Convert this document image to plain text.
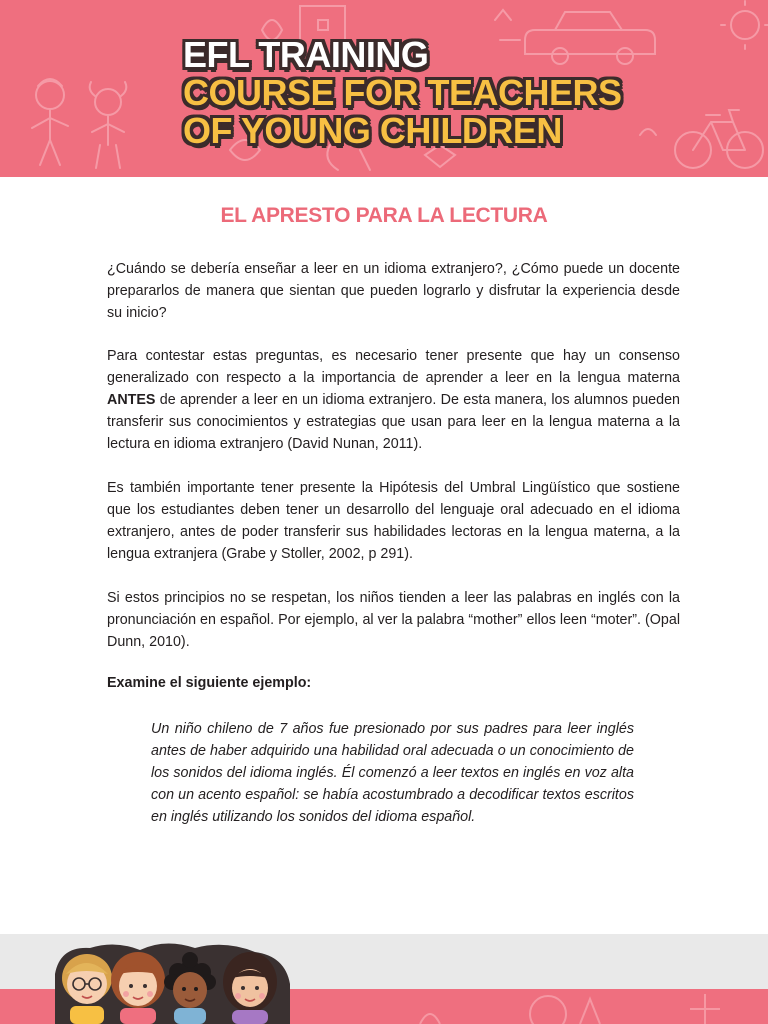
EFL TRAINING
COURSE FOR TEACHERS
OF YOUNG CHILDREN
EL APRESTO PARA LA LECTURA

¿Cuándo se debería enseñar a leer en un idioma extranjero?, ¿Cómo puede un docente prepararlos de manera que sientan que pueden lograrlo y disfrutar la experiencia desde su inicio?

Para contestar estas preguntas, es necesario tener presente que hay un consenso generalizado con respecto a la importancia de aprender a leer en la lengua materna ANTES de aprender a leer en un idioma extranjero. De esta manera, los alumnos pueden transferir sus conocimientos y estrategias que usan para leer en la lengua materna a la lectura en idioma extranjero (David Nunan, 2011).

Es también importante tener presente la Hipótesis del Umbral Lingüístico que sostiene que los estudiantes deben tener un desarrollo del lenguaje oral adecuado en el idioma extranjero, antes de poder transferir sus habilidades lectoras en la lengua materna, a la lengua extranjera (Grabe y Stoller, 2002, p 291).

Si estos principios no se respetan, los niños tienden a leer las palabras en inglés con la pronunciación en español. Por ejemplo, al ver la palabra “mother” ellos leen “moter”. (Opal Dunn, 2010).

Examine el siguiente ejemplo:

Un niño chileno de 7 años fue presionado por sus padres para leer inglés antes de haber adquirido una habilidad oral adecuada o un conocimiento de los sonidos del idioma inglés. Él comenzó a leer textos en inglés en voz alta con un acento español: se había acostumbrado a decodificar textos escritos en inglés utilizando los sonidos del idioma español.
